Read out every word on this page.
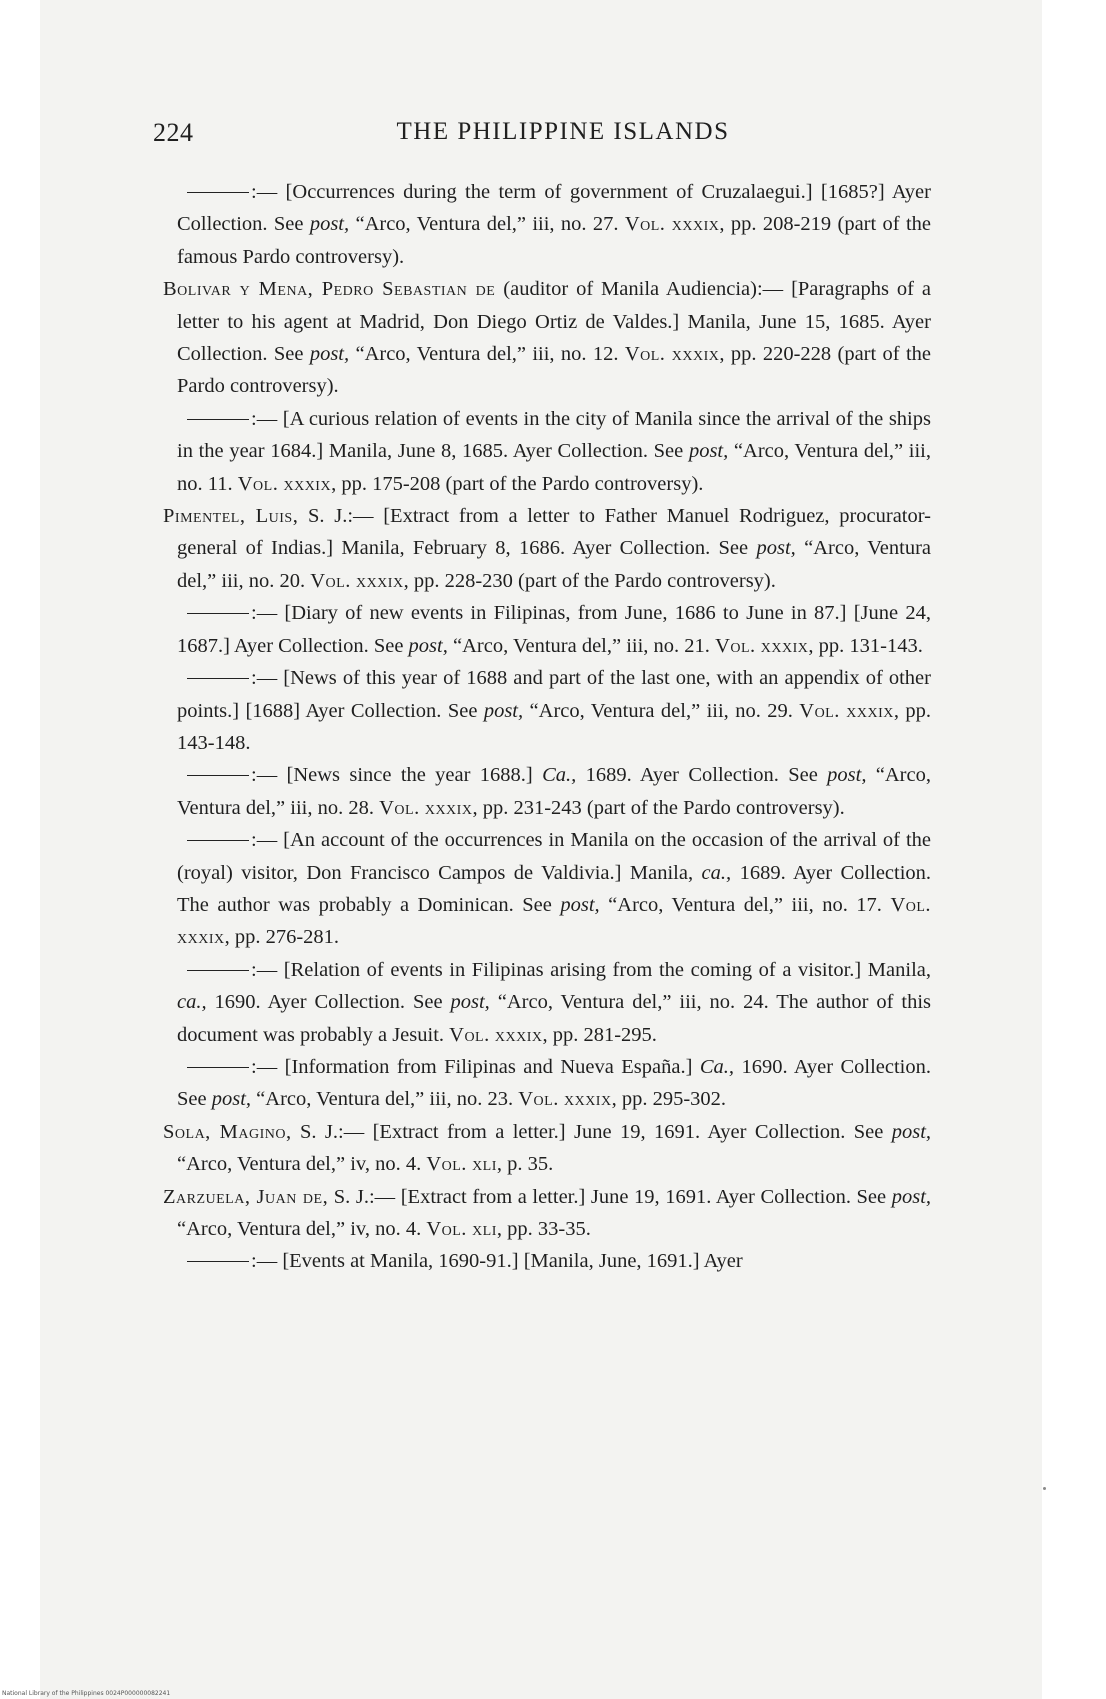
224	THE PHILIPPINE ISLANDS

:— [Occurrences during the term of government of Cruzalaegui.] [1685?] Ayer Collection. See post, “Arco, Ventura del,” iii, no. 27. Vol. xxxix, pp. 208-219 (part of the famous Pardo controversy).

Bolivar y Mena, Pedro Sebastian de (auditor of Manila Audiencia):— [Paragraphs of a letter to his agent at Madrid, Don Diego Ortiz de Valdes.] Manila, June 15, 1685. Ayer Collection. See post, “Arco, Ventura del,” iii, no. 12. Vol. xxxix, pp. 220-228 (part of the Pardo controversy).

:— [A curious relation of events in the city of Manila since the arrival of the ships in the year 1684.] Manila, June 8, 1685. Ayer Collection. See post, “Arco, Ventura del,” iii, no. 11. Vol. xxxix, pp. 175-208 (part of the Pardo controversy).

Pimentel, Luis, S. J.:— [Extract from a letter to Father Manuel Rodriguez, procurator-general of Indias.] Manila, February 8, 1686. Ayer Collection. See post, “Arco, Ventura del,” iii, no. 20. Vol. xxxix, pp. 228-230 (part of the Pardo controversy).

:— [Diary of new events in Filipinas, from June, 1686 to June in 87.] [June 24, 1687.] Ayer Collection. See post, “Arco, Ventura del,” iii, no. 21. Vol. xxxix, pp. 131-143.

:— [News of this year of 1688 and part of the last one, with an appendix of other points.] [1688] Ayer Collection. See post, “Arco, Ventura del,” iii, no. 29. Vol. xxxix, pp. 143-148.

:— [News since the year 1688.] Ca., 1689. Ayer Collection. See post, “Arco, Ventura del,” iii, no. 28. Vol. xxxix, pp. 231-243 (part of the Pardo controversy).

:— [An account of the occurrences in Manila on the occasion of the arrival of the (royal) visitor, Don Francisco Campos de Valdivia.] Manila, ca., 1689. Ayer Collection. The author was probably a Dominican. See post, “Arco, Ventura del,” iii, no. 17. Vol. xxxix, pp. 276-281.

:— [Relation of events in Filipinas arising from the coming of a visitor.] Manila, ca., 1690. Ayer Collection. See post, “Arco, Ventura del,” iii, no. 24. The author of this document was probably a Jesuit. Vol. xxxix, pp. 281-295.

:— [Information from Filipinas and Nueva España.] Ca., 1690. Ayer Collection. See post, “Arco, Ventura del,” iii, no. 23. Vol. xxxix, pp. 295-302.

Sola, Magino, S. J.:— [Extract from a letter.] June 19, 1691. Ayer Collection. See post, “Arco, Ventura del,” iv, no. 4. Vol. xli, p. 35.

Zarzuela, Juan de, S. J.:— [Extract from a letter.] June 19, 1691. Ayer Collection. See post, “Arco, Ventura del,” iv, no. 4. Vol. xli, pp. 33-35.

:— [Events at Manila, 1690-91.] [Manila, June, 1691.] Ayer

National Library of the Philippines 0024P000000082241
